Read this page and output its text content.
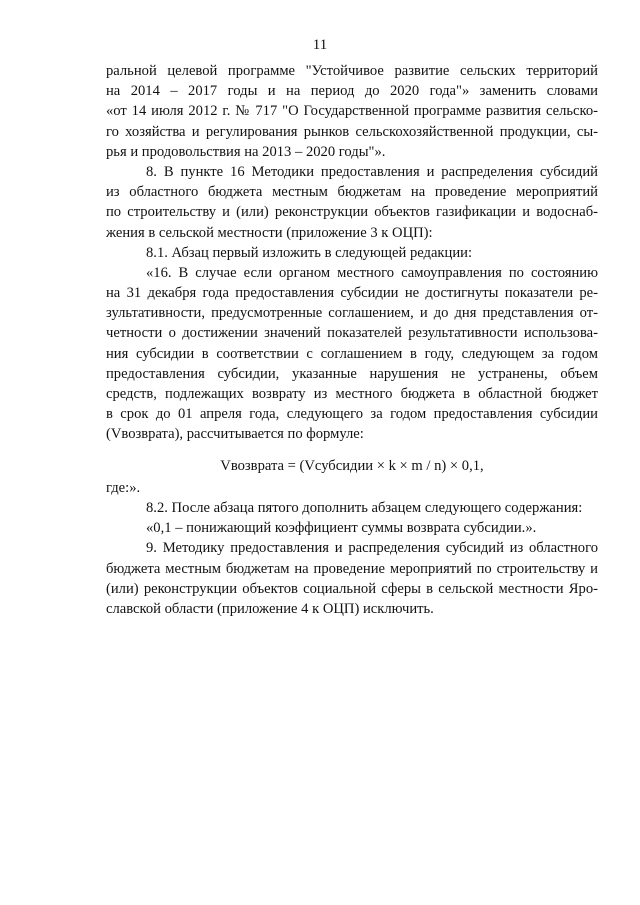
11
ральной целевой программе "Устойчивое развитие сельских территорий
на 2014 – 2017 годы и на период до 2020 года"» заменить словами
«от 14 июля 2012 г. № 717 "О Государственной программе развития сельско-
го хозяйства и регулирования рынков сельскохозяйственной продукции, сы-
рья и продовольствия на 2013 – 2020 годы"».
8. В пункте 16 Методики предоставления и распределения субсидий
из областного бюджета местным бюджетам на проведение мероприятий
по строительству и (или) реконструкции объектов газификации и водоснаб-
жения в сельской местности (приложение 3 к ОЦП):
8.1. Абзац первый изложить в следующей редакции:
«16. В случае если органом местного самоуправления по состоянию
на 31 декабря года предоставления субсидии не достигнуты показатели ре-
зультативности, предусмотренные соглашением, и до дня представления от-
четности о достижении значений показателей результативности использова-
ния субсидии в соответствии с соглашением в году, следующем за годом
предоставления субсидии, указанные нарушения не устранены, объем
средств, подлежащих возврату из местного бюджета в областной бюджет
в срок до 01 апреля года, следующего за годом предоставления субсидии
(Vвозврата), рассчитывается по формуле:
Vвозврата = (Vсубсидии × k × m / n) × 0,1,
где:».
8.2. После абзаца пятого дополнить абзацем следующего содержания:
«0,1 – понижающий коэффициент суммы возврата субсидии.».
9. Методику предоставления и распределения субсидий из областного
бюджета местным бюджетам на проведение мероприятий по строительству и
(или) реконструкции объектов социальной сферы в сельской местности Яро-
славской области (приложение 4 к ОЦП) исключить.
